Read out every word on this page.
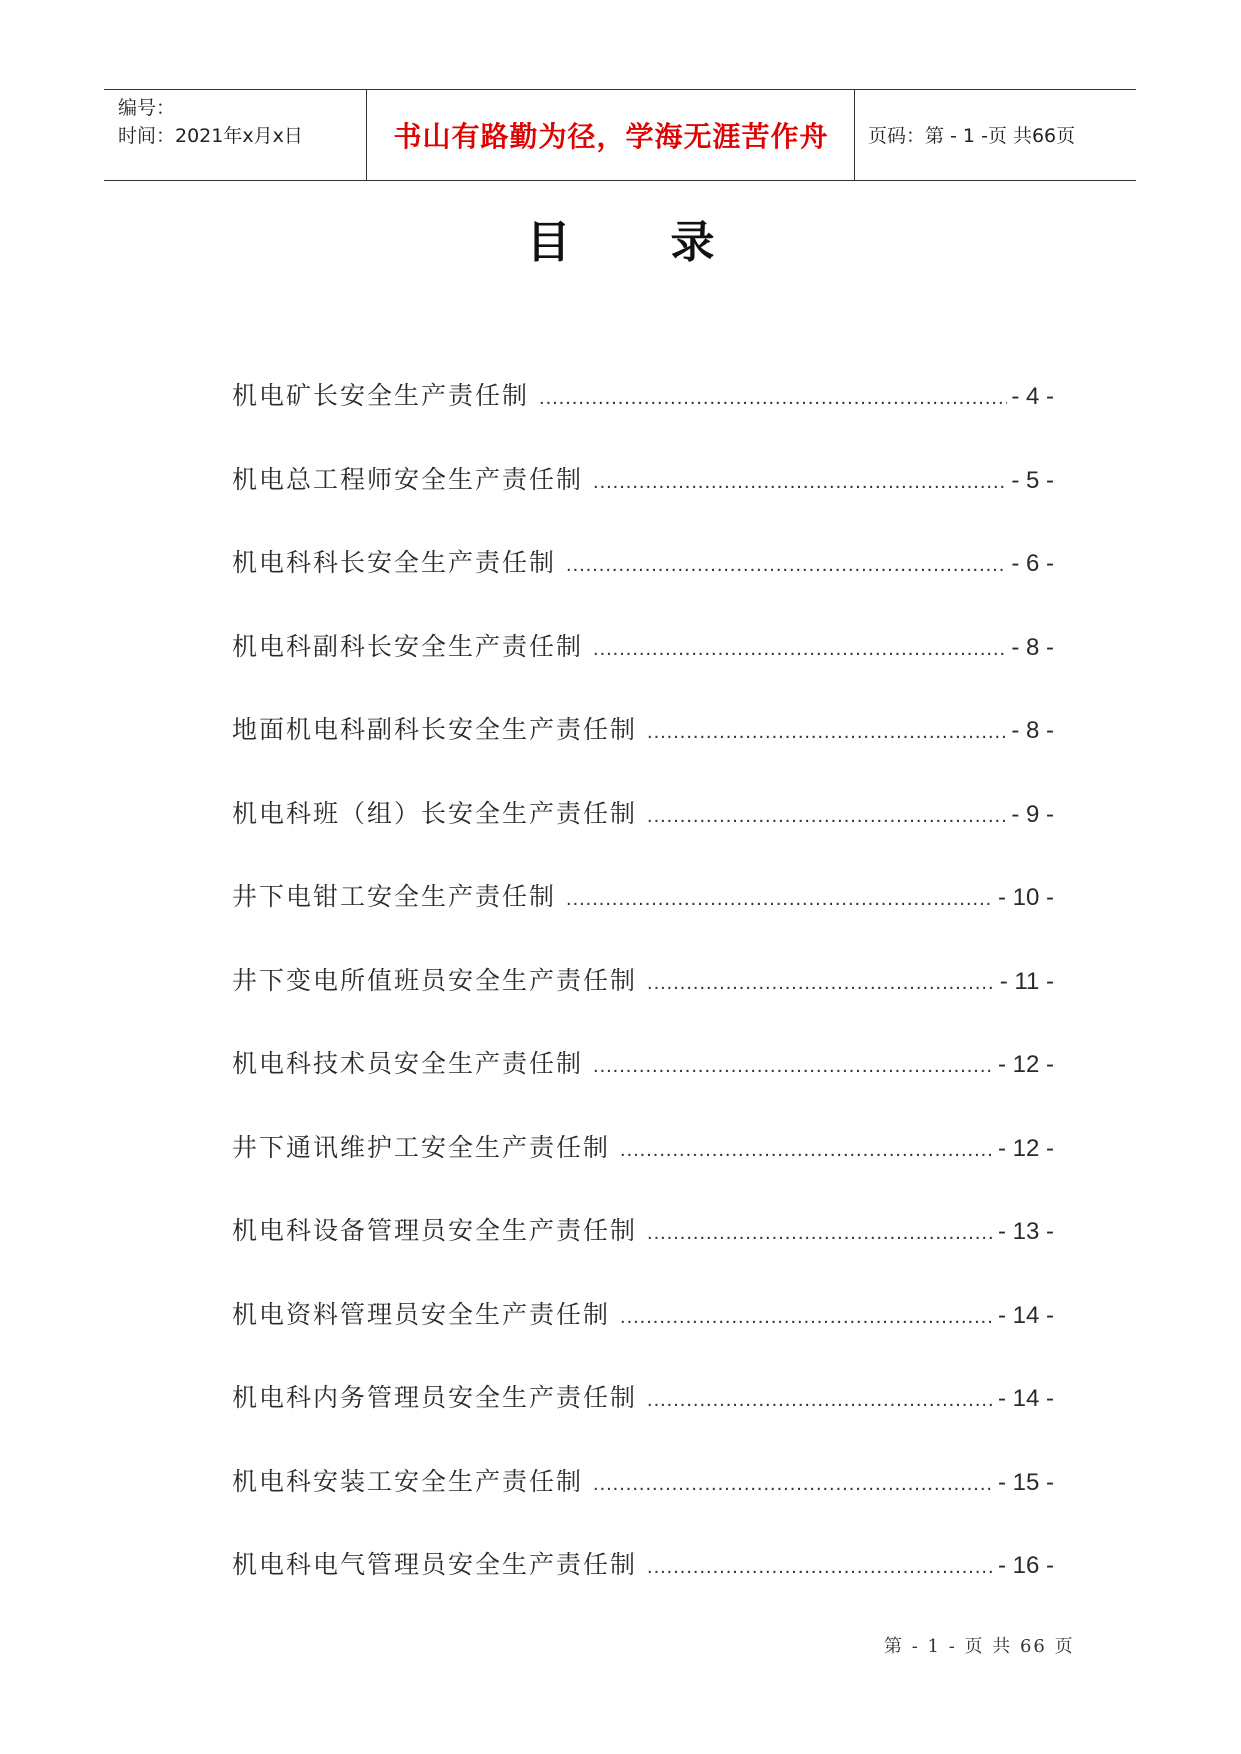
编号：
时间：2021年x月x日	书山有路勤为径，学海无涯苦作舟	页码：第 - 1 -页 共66页
目录
机电矿长安全生产责任制 .....	- 4 -
机电总工程师安全生产责任制 .....	- 5 -
机电科科长安全生产责任制 .....	- 6 -
机电科副科长安全生产责任制 .....	- 8 -
地面机电科副科长安全生产责任制 .....	- 8 -
机电科班（组）长安全生产责任制 .....	- 9 -
井下电钳工安全生产责任制 .....	- 10 -
井下变电所值班员安全生产责任制 .....	- 11 -
机电科技术员安全生产责任制 .....	- 12 -
井下通讯维护工安全生产责任制 .....	- 12 -
机电科设备管理员安全生产责任制 .....	- 13 -
机电资料管理员安全生产责任制 .....	- 14 -
机电科内务管理员安全生产责任制 .....	- 14 -
机电科安装工安全生产责任制 .....	- 15 -
机电科电气管理员安全生产责任制 .....	- 16 -
第 - 1 - 页 共 66 页
